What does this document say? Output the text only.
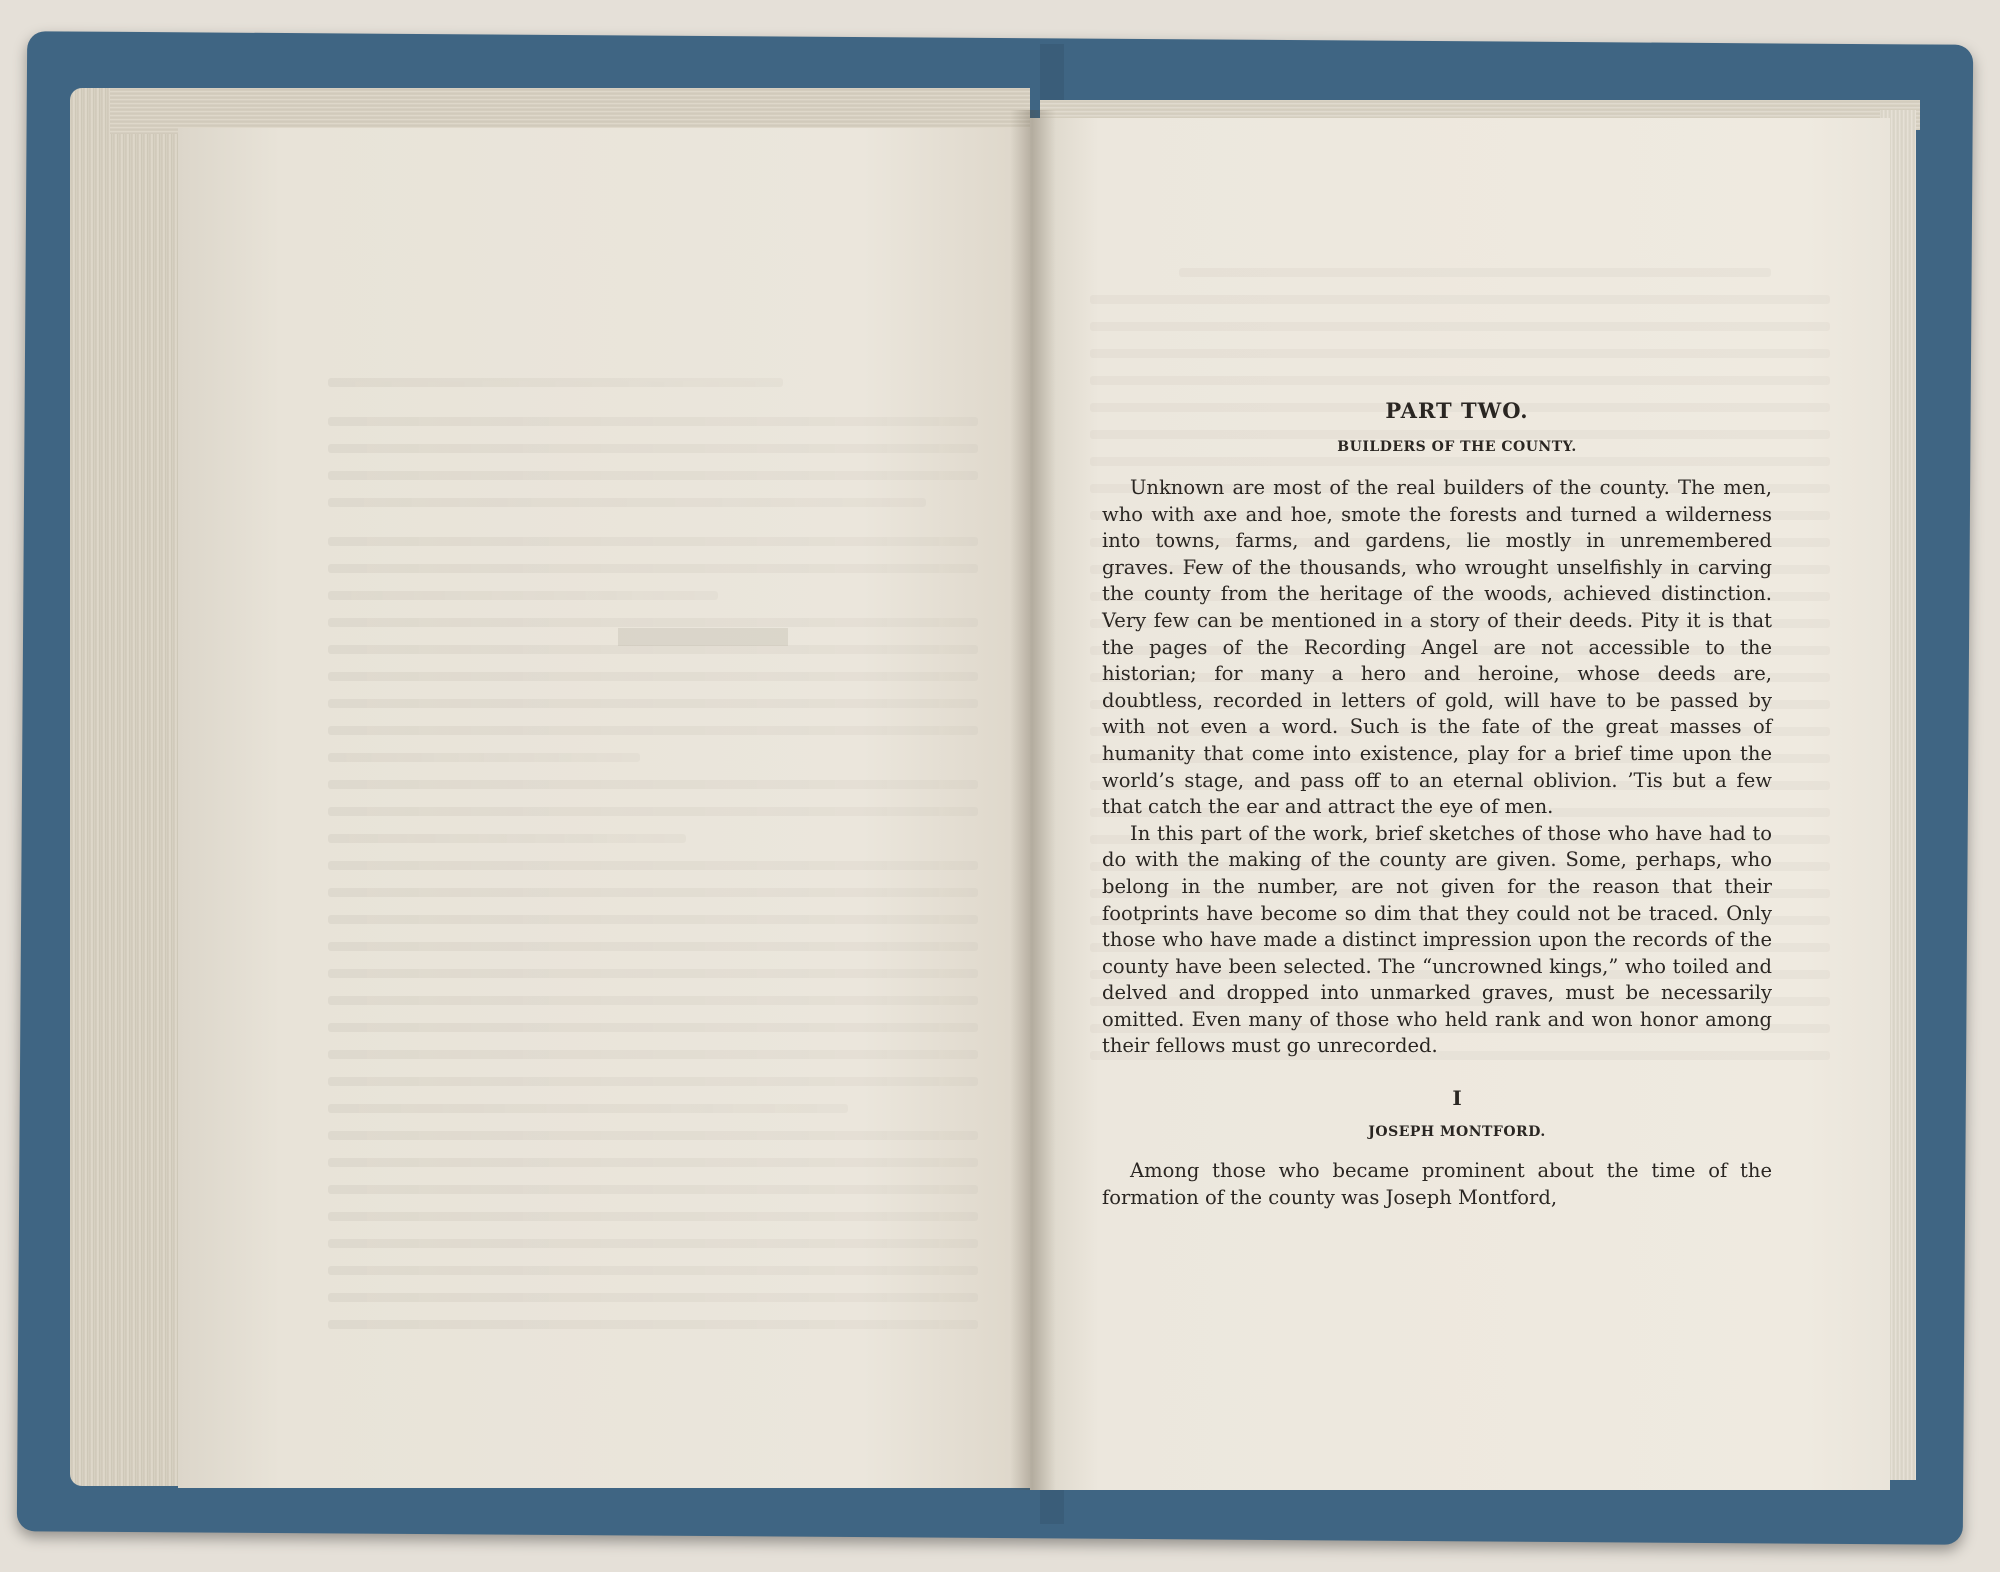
PART TWO.
BUILDERS OF THE COUNTY.

Unknown are most of the real builders of the county. The men, who with axe and hoe, smote the forests and turned a wilderness into towns, farms, and gardens, lie mostly in unremembered graves. Few of the thousands, who wrought unselfishly in carving the county from the heritage of the woods, achieved distinction. Very few can be mentioned in a story of their deeds. Pity it is that the pages of the Recording Angel are not accessible to the historian; for many a hero and heroine, whose deeds are, doubtless, recorded in letters of gold, will have to be passed by with not even a word. Such is the fate of the great masses of humanity that come into existence, play for a brief time upon the world’s stage, and pass off to an eternal oblivion. ’Tis but a few that catch the ear and attract the eye of men.

In this part of the work, brief sketches of those who have had to do with the making of the county are given. Some, perhaps, who belong in the number, are not given for the reason that their footprints have become so dim that they could not be traced. Only those who have made a distinct impression upon the records of the county have been selected. The “uncrowned kings,” who toiled and delved and dropped into unmarked graves, must be necessarily omitted. Even many of those who held rank and won honor among their fellows must go unrecorded.

I
JOSEPH MONTFORD.

Among those who became prominent about the time of the formation of the county was Joseph Montford,
